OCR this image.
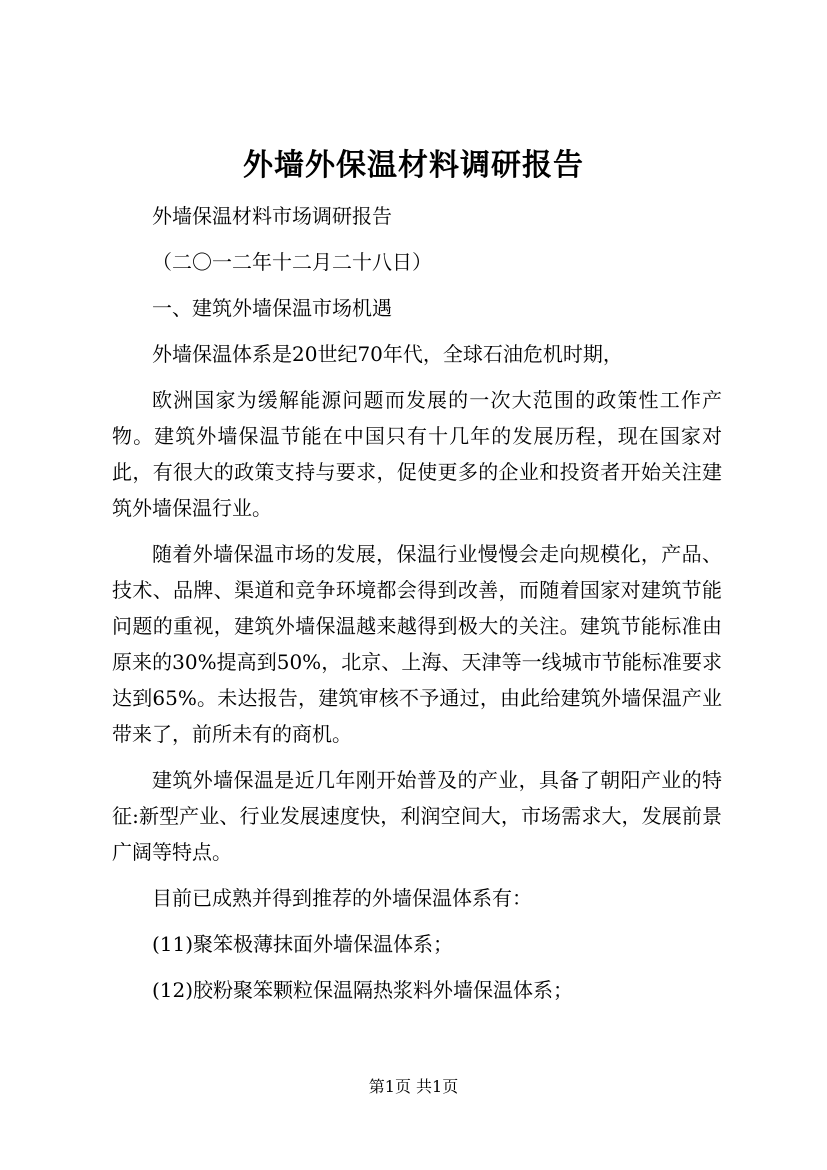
外墙外保温材料调研报告

外墙保温材料市场调研报告

（二〇一二年十二月二十八日）

一、建筑外墙保温市场机遇

外墙保温体系是20世纪70年代，全球石油危机时期，

欧洲国家为缓解能源问题而发展的一次大范围的政策性工作产物。建筑外墙保温节能在中国只有十几年的发展历程，现在国家对此，有很大的政策支持与要求，促使更多的企业和投资者开始关注建筑外墙保温行业。

随着外墙保温市场的发展，保温行业慢慢会走向规模化，产品、技术、品牌、渠道和竞争环境都会得到改善，而随着国家对建筑节能问题的重视，建筑外墙保温越来越得到极大的关注。建筑节能标准由原来的30%提高到50%，北京、上海、天津等一线城市节能标准要求达到65%。未达报告，建筑审核不予通过，由此给建筑外墙保温产业带来了，前所未有的商机。

建筑外墙保温是近几年刚开始普及的产业，具备了朝阳产业的特征:新型产业、行业发展速度快，利润空间大，市场需求大，发展前景广阔等特点。

目前已成熟并得到推荐的外墙保温体系有：

(11)聚笨极薄抹面外墙保温体系；

(12)胶粉聚笨颗粒保温隔热浆料外墙保温体系；

第1页 共1页
